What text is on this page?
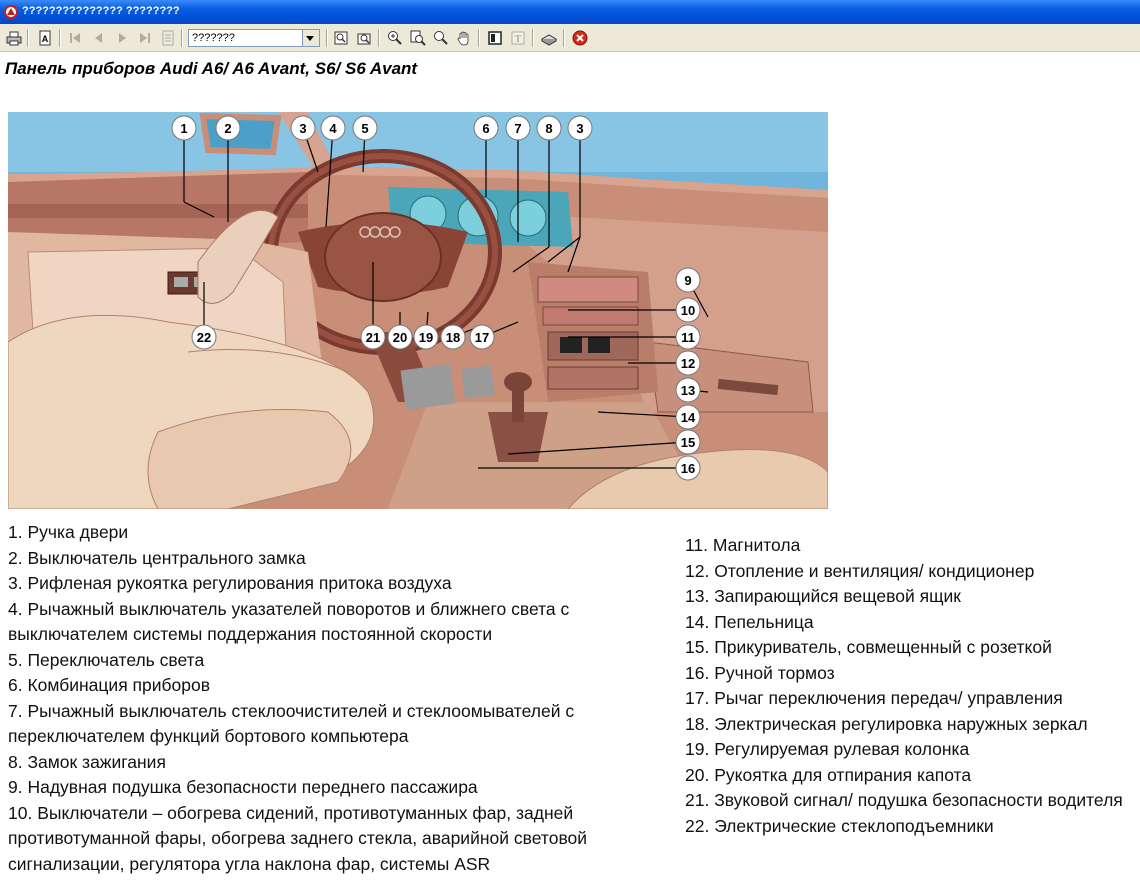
??????????????? ????????
A	T
???????
Панель приборов Audi A6/ A6 Avant, S6/ S6 Avant
1	2	3 4 5	6 7 8 3
9
10
11
12
13
14
15
16
17
18
19
20
21
22
1. Ручка двери
2. Выключатель центрального замка
3. Рифленая рукоятка регулирования притока воздуха
4. Рычажный выключатель указателей поворотов и ближнего света с выключателем системы поддержания постоянной скорости
5. Переключатель света
6. Комбинация приборов
7. Рычажный выключатель стеклоочистителей и стеклоомывателей с переключателем функций бортового компьютера
8. Замок зажигания
9. Надувная подушка безопасности переднего пассажира
10. Выключатели – обогрева сидений, противотуманных фар, задней противотуманной фары, обогрева заднего стекла, аварийной световой сигнализации, регулятора угла наклона фар, системы ASR
11. Магнитола
12. Отопление и вентиляция/ кондиционер
13. Запирающийся вещевой ящик
14. Пепельница
15. Прикуриватель, совмещенный с розеткой
16. Ручной тормоз
17. Рычаг переключения передач/ управления
18. Электрическая регулировка наружных зеркал
19. Регулируемая рулевая колонка
20. Рукоятка для отпирания капота
21. Звуковой сигнал/ подушка безопасности водителя
22. Электрические стеклоподъемники
